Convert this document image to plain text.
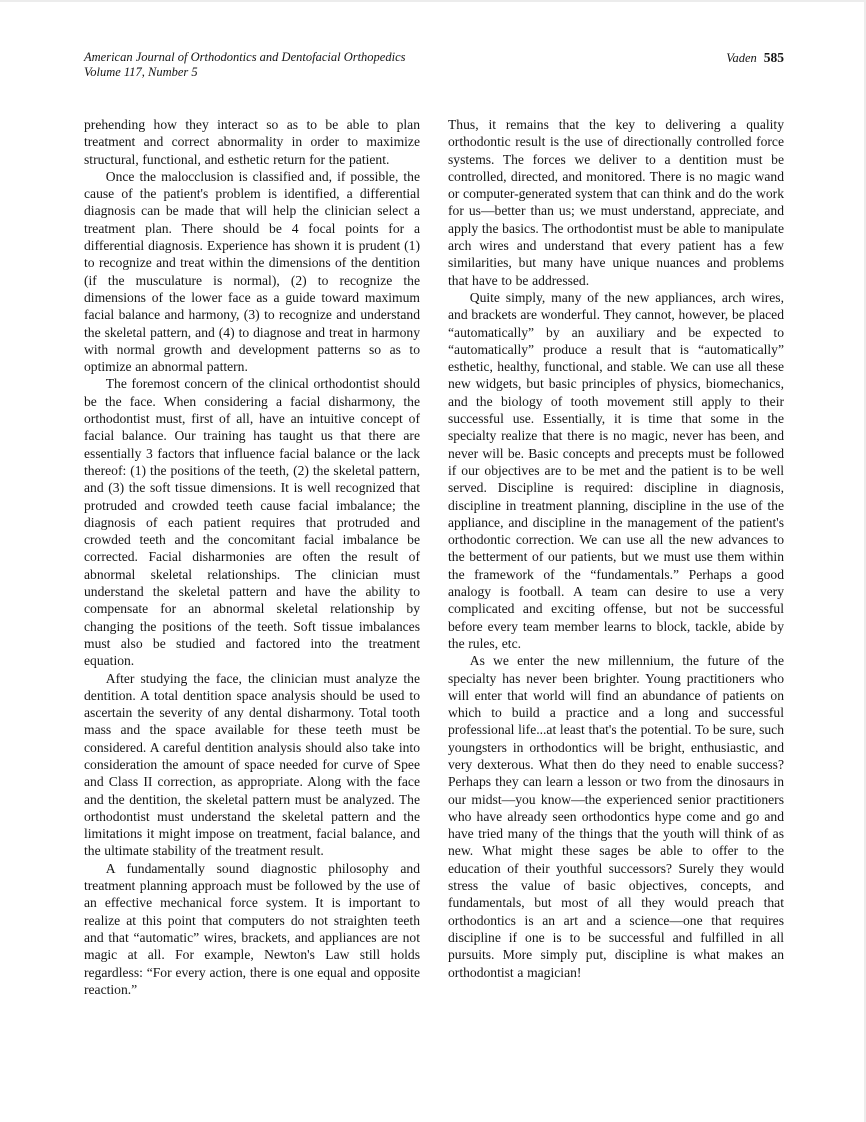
American Journal of Orthodontics and Dentofacial Orthopedics
Volume 117, Number 5
Vaden 585

prehending how they interact so as to be able to plan treatment and correct abnormality in order to maximize structural, functional, and esthetic return for the patient.

Once the malocclusion is classified and, if possible, the cause of the patient's problem is identified, a differential diagnosis can be made that will help the clinician select a treatment plan. There should be 4 focal points for a differential diagnosis. Experience has shown it is prudent (1) to recognize and treat within the dimensions of the dentition (if the musculature is normal), (2) to recognize the dimensions of the lower face as a guide toward maximum facial balance and harmony, (3) to recognize and understand the skeletal pattern, and (4) to diagnose and treat in harmony with normal growth and development patterns so as to optimize an abnormal pattern.

The foremost concern of the clinical orthodontist should be the face. When considering a facial disharmony, the orthodontist must, first of all, have an intuitive concept of facial balance. Our training has taught us that there are essentially 3 factors that influence facial balance or the lack thereof: (1) the positions of the teeth, (2) the skeletal pattern, and (3) the soft tissue dimensions. It is well recognized that protruded and crowded teeth cause facial imbalance; the diagnosis of each patient requires that protruded and crowded teeth and the concomitant facial imbalance be corrected. Facial disharmonies are often the result of abnormal skeletal relationships. The clinician must understand the skeletal pattern and have the ability to compensate for an abnormal skeletal relationship by changing the positions of the teeth. Soft tissue imbalances must also be studied and factored into the treatment equation.

After studying the face, the clinician must analyze the dentition. A total dentition space analysis should be used to ascertain the severity of any dental disharmony. Total tooth mass and the space available for these teeth must be considered. A careful dentition analysis should also take into consideration the amount of space needed for curve of Spee and Class II correction, as appropriate. Along with the face and the dentition, the skeletal pattern must be analyzed. The orthodontist must understand the skeletal pattern and the limitations it might impose on treatment, facial balance, and the ultimate stability of the treatment result.

A fundamentally sound diagnostic philosophy and treatment planning approach must be followed by the use of an effective mechanical force system. It is important to realize at this point that computers do not straighten teeth and that “automatic” wires, brackets, and appliances are not magic at all. For example, Newton's Law still holds regardless: “For every action, there is one equal and opposite reaction.”

Thus, it remains that the key to delivering a quality orthodontic result is the use of directionally controlled force systems. The forces we deliver to a dentition must be controlled, directed, and monitored. There is no magic wand or computer-generated system that can think and do the work for us—better than us; we must understand, appreciate, and apply the basics. The orthodontist must be able to manipulate arch wires and understand that every patient has a few similarities, but many have unique nuances and problems that have to be addressed.

Quite simply, many of the new appliances, arch wires, and brackets are wonderful. They cannot, however, be placed “automatically” by an auxiliary and be expected to “automatically” produce a result that is “automatically” esthetic, healthy, functional, and stable. We can use all these new widgets, but basic principles of physics, biomechanics, and the biology of tooth movement still apply to their successful use. Essentially, it is time that some in the specialty realize that there is no magic, never has been, and never will be. Basic concepts and precepts must be followed if our objectives are to be met and the patient is to be well served. Discipline is required: discipline in diagnosis, discipline in treatment planning, discipline in the use of the appliance, and discipline in the management of the patient's orthodontic correction. We can use all the new advances to the betterment of our patients, but we must use them within the framework of the “fundamentals.” Perhaps a good analogy is football. A team can desire to use a very complicated and exciting offense, but not be successful before every team member learns to block, tackle, abide by the rules, etc.

As we enter the new millennium, the future of the specialty has never been brighter. Young practitioners who will enter that world will find an abundance of patients on which to build a practice and a long and successful professional life...at least that's the potential. To be sure, such youngsters in orthodontics will be bright, enthusiastic, and very dexterous. What then do they need to enable success? Perhaps they can learn a lesson or two from the dinosaurs in our midst—you know—the experienced senior practitioners who have already seen orthodontics hype come and go and have tried many of the things that the youth will think of as new. What might these sages be able to offer to the education of their youthful successors? Surely they would stress the value of basic objectives, concepts, and fundamentals, but most of all they would preach that orthodontics is an art and a science—one that requires discipline if one is to be successful and fulfilled in all pursuits. More simply put, discipline is what makes an orthodontist a magician!
